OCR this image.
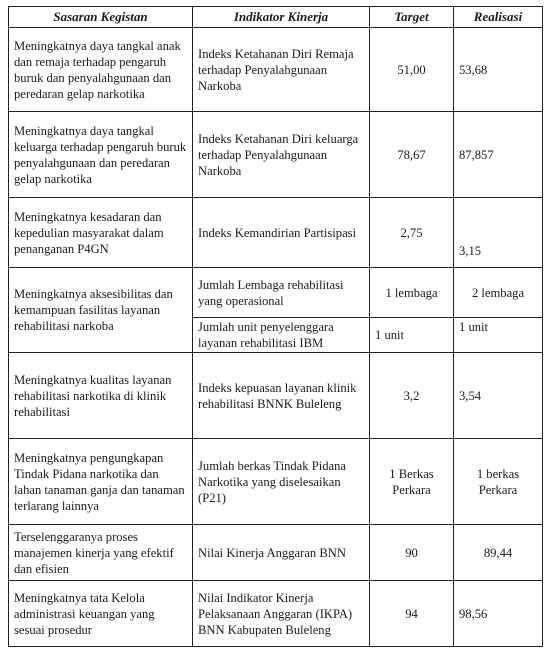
Sasaran Kegistan	Indikator Kinerja	Target	Realisasi
Meningkatnya daya tangkal anak dan remaja terhadap pengaruh buruk dan penyalahgunaan dan peredaran gelap narkotika	Indeks Ketahanan Diri Remaja terhadap Penyalahgunaan Narkoba	51,00	53,68
Meningkatnya daya tangkal keluarga terhadap pengaruh buruk penyalahgunaan dan peredaran gelap narkotika	Indeks Ketahanan Diri keluarga terhadap Penyalahgunaan Narkoba	78,67	87,857
Meningkatnya kesadaran dan kepedulian masyarakat dalam penanganan P4GN	Indeks Kemandirian Partisipasi	2,75	3,15
Meningkatnya aksesibilitas dan kemampuan fasilitas layanan rehabilitasi narkoba	Jumlah Lembaga rehabilitasi yang operasional	1 lembaga	2 lembaga
	Jumlah unit penyelenggara layanan rehabilitasi IBM	1 unit	1 unit
Meningkatnya kualitas layanan rehabilitasi narkotika di klinik rehabilitasi	Indeks kepuasan layanan klinik rehabilitasi BNNK Buleleng	3,2	3,54
Meningkatnya pengungkapan Tindak Pidana narkotika dan lahan tanaman ganja dan tanaman terlarang lainnya	Jumlah berkas Tindak Pidana Narkotika yang diselesaikan (P21)	1 Berkas Perkara	1 berkas Perkara
Terselenggaranya proses manajemen kinerja yang efektif dan efisien	Nilai Kinerja Anggaran BNN	90	89,44
Meningkatnya tata Kelola administrasi keuangan yang sesuai prosedur	Nilai Indikator Kinerja Pelaksanaan Anggaran (IKPA) BNN Kabupaten Buleleng	94	98,56
